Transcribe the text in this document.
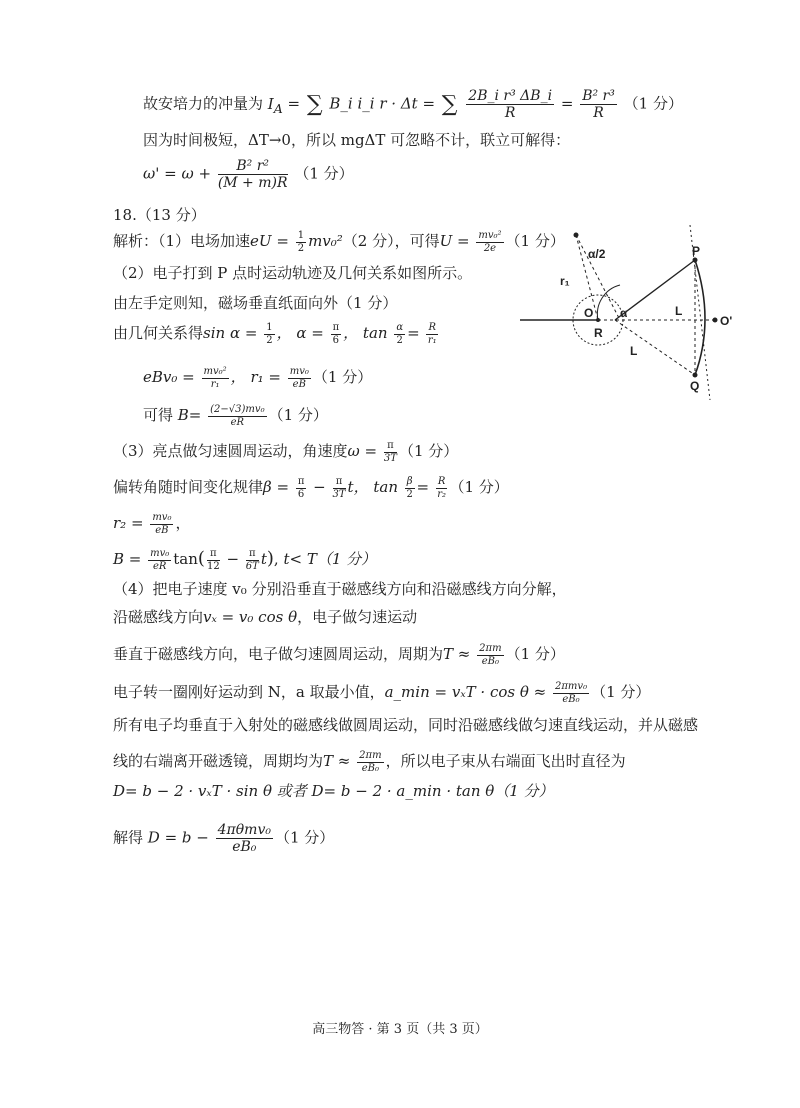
故安培力的冲量为 $I_A$ = ∑ B_i i_i r · Δt = ∑ $\frac{\text{2B\_i r³ ΔB\_i}}{R} = \frac{\text{B² r³}}{R} (1$ 分）
因为时间极短，ΔT→0，所以 mgΔT 可忽略不计，联立可解得：
$\omega' = \omega + \frac{\text{B² r²}}{(M + m)R} (1$ 分）
18.（13 分）
解析：（1）电场加速eU = $\frac{1}{2} mv_0^2(2$ 分），可得$U = \frac{\text{mv₀²}}{2e} (1$ 分）
（2）电子打到 P 点时运动轨迹及几何关系如图所示。
由左手定则知，磁场垂直纸面向外（1 分）
由几何关系得$\sin \alpha = \frac{1}{2}$ ， $\alpha = \frac{\pi}{6}$ ， $\tan \frac{\alpha}{2} = \frac{R}{\text{r₁}}$
$eBv_0 = \frac{\text{mv₀²}}{\text{r₁}}$ ， $r_1 = \frac{\text{mv₀}}{eB} (1$ 分）
可得 $B= \frac{\text{(2−√3)mv₀}}{eR} (1$ 分）
（3）亮点做匀速圆周运动，角速度$\omega = \frac{\pi}{3T} (1$ 分）
偏转角随时间变化规律$\beta = \frac{\pi}{6} - \frac{\pi}{3T}$ t， $\tan \frac{\beta}{2} = \frac{R}{\text{r₂}} (1$ 分）
$r_2 = \frac{\text{mv₀}}{eB}$ ，
$B = \frac{\text{mv₀}}{eR} \tan( \frac{\pi}{12} - \frac{\pi}{6T} t)$, t< T（1 分）
（4）把电子速度 v₀ 分别沿垂直于磁感线方向和沿磁感线方向分解，
沿磁感线方向vₓ = v₀ cos θ，电子做匀速运动
垂直于磁感线方向，电子做匀速圆周运动，周期为$T \approx \frac{2\pi m}{\text{eB₀}} (1$ 分）
电子转一圈刚好运动到 N，a 取最小值，a_min = $v_xT \cdot \cos \theta \approx \frac{\text{2πmv₀}}{\text{eB₀}} (1$ 分）
所有电子均垂直于入射处的磁感线做圆周运动，同时沿磁感线做匀速直线运动，并从磁感
线的右端离开磁透镜，周期均为$T \approx \frac{2\pi m}{\text{eB₀}}$ ，所以电子束从右端面飞出时直径为
D= b − 2 · vₓT · sin θ 或者 D= b − 2 · a_min · tan θ（1 分）
解得 $D = b - \frac{\text{4πθmv₀}}{\text{eB₀}} (1$ 分）
α/2
r₁
O
R
α
P
L
O'
L
Q
高三物答 · 第 3 页（共 3 页）
